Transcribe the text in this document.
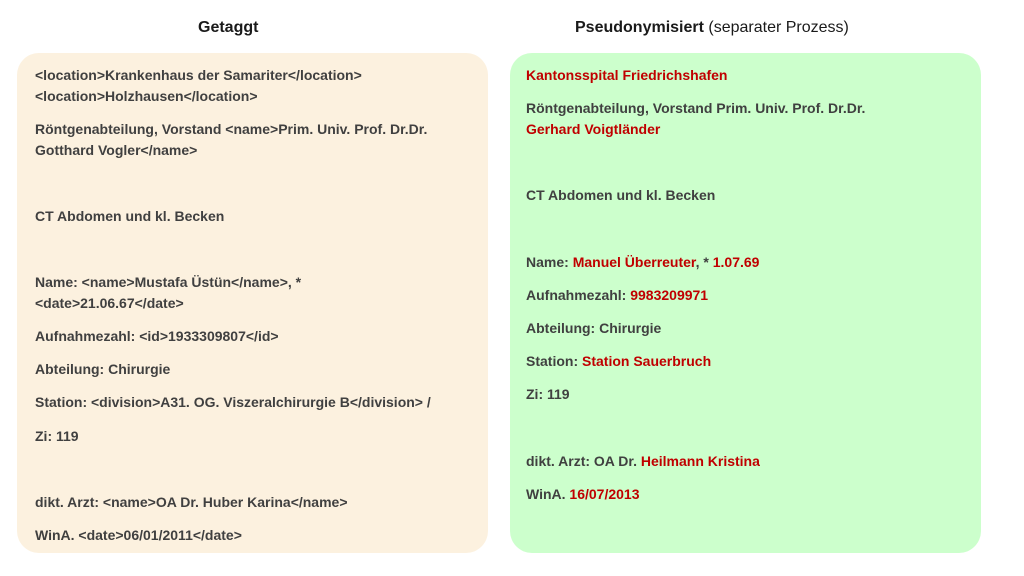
Getaggt	Pseudonymisiert (separater Prozess)
<location>Krankenhaus der Samariter</location>
<location>Holzhausen</location>
Röntgenabteilung, Vorstand <name>Prim. Univ. Prof. Dr.Dr.
Gotthard Vogler</name>
CT Abdomen und kl. Becken
Name: <name>Mustafa Üstün</name>, *
<date>21.06.67</date>
Aufnahmezahl: <id>1933309807</id>
Abteilung: Chirurgie
Station: <division>A31. OG. Viszeralchirurgie B</division> /
Zi: 119
dikt. Arzt: <name>OA Dr. Huber Karina</name>
WinA. <date>06/01/2011</date>
Kantonsspital Friedrichshafen
Röntgenabteilung, Vorstand Prim. Univ. Prof. Dr.Dr.
Gerhard Voigtländer
CT Abdomen und kl. Becken
Name: Manuel Überreuter, * 1.07.69
Aufnahmezahl: 9983209971
Abteilung: Chirurgie
Station: Station Sauerbruch
Zi: 119
dikt. Arzt: OA Dr. Heilmann Kristina
WinA. 16/07/2013
